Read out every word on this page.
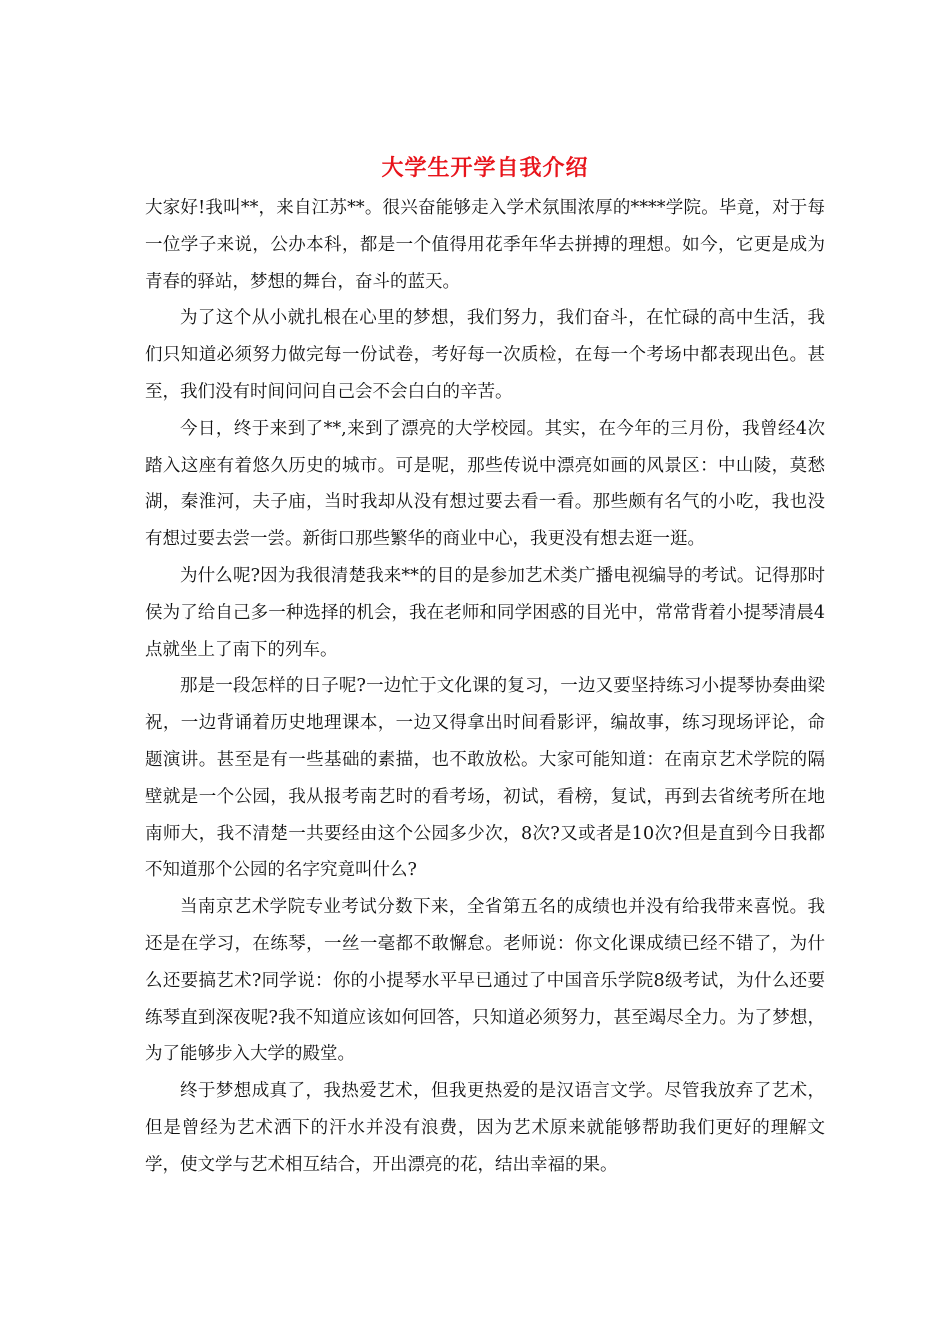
大学生开学自我介绍

大家好!我叫**，来自江苏**。很兴奋能够走入学术氛围浓厚的****学院。毕竟，对于每一位学子来说，公办本科，都是一个值得用花季年华去拼搏的理想。如今，它更是成为青春的驿站，梦想的舞台，奋斗的蓝天。

为了这个从小就扎根在心里的梦想，我们努力，我们奋斗，在忙碌的高中生活，我们只知道必须努力做完每一份试卷，考好每一次质检，在每一个考场中都表现出色。甚至，我们没有时间问问自己会不会白白的辛苦。

今日，终于来到了**,来到了漂亮的大学校园。其实，在今年的三月份，我曾经4次踏入这座有着悠久历史的城市。可是呢，那些传说中漂亮如画的风景区：中山陵，莫愁湖，秦淮河，夫子庙，当时我却从没有想过要去看一看。那些颇有名气的小吃，我也没有想过要去尝一尝。新街口那些繁华的商业中心，我更没有想去逛一逛。

为什么呢?因为我很清楚我来**的目的是参加艺术类广播电视编导的考试。记得那时侯为了给自己多一种选择的机会，我在老师和同学困惑的目光中，常常背着小提琴清晨4点就坐上了南下的列车。

那是一段怎样的日子呢?一边忙于文化课的复习，一边又要坚持练习小提琴协奏曲梁祝，一边背诵着历史地理课本，一边又得拿出时间看影评，编故事，练习现场评论，命题演讲。甚至是有一些基础的素描，也不敢放松。大家可能知道：在南京艺术学院的隔壁就是一个公园，我从报考南艺时的看考场，初试，看榜，复试，再到去省统考所在地南师大，我不清楚一共要经由这个公园多少次，8次?又或者是10次?但是直到今日我都不知道那个公园的名字究竟叫什么?

当南京艺术学院专业考试分数下来，全省第五名的成绩也并没有给我带来喜悦。我还是在学习，在练琴，一丝一毫都不敢懈怠。老师说：你文化课成绩已经不错了，为什么还要搞艺术?同学说：你的小提琴水平早已通过了中国音乐学院8级考试，为什么还要练琴直到深夜呢?我不知道应该如何回答，只知道必须努力，甚至竭尽全力。为了梦想，为了能够步入大学的殿堂。

终于梦想成真了，我热爱艺术，但我更热爱的是汉语言文学。尽管我放弃了艺术，但是曾经为艺术洒下的汗水并没有浪费，因为艺术原来就能够帮助我们更好的理解文学，使文学与艺术相互结合，开出漂亮的花，结出幸福的果。
